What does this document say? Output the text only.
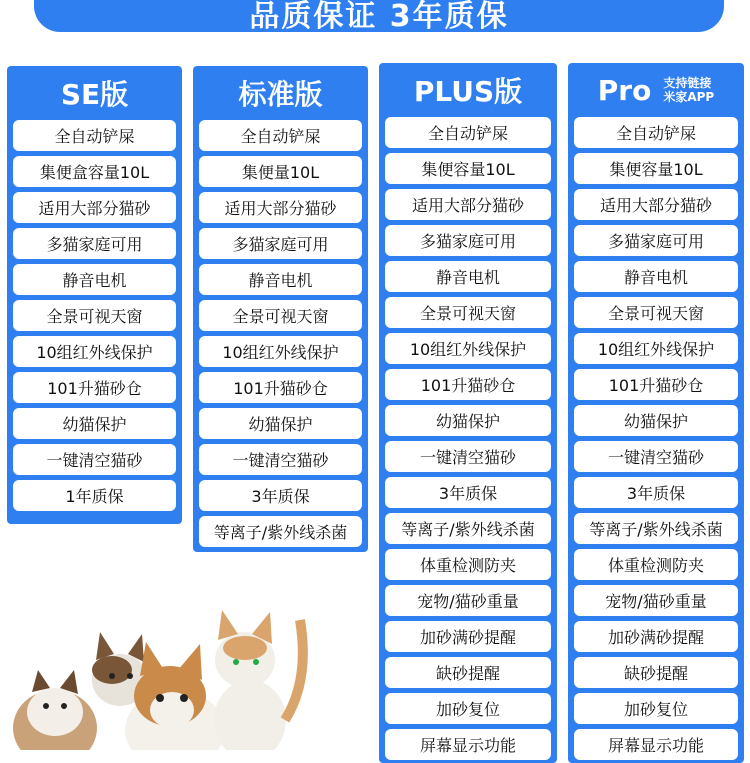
品质保证 3年质保
SE版
全自动铲屎
集便盒容量10L
适用大部分猫砂
多猫家庭可用
静音电机
全景可视天窗
10组红外线保护
101升猫砂仓
幼猫保护
一键清空猫砂
1年质保
标准版
全自动铲屎
集便量10L
适用大部分猫砂
多猫家庭可用
静音电机
全景可视天窗
10组红外线保护
101升猫砂仓
幼猫保护
一键清空猫砂
3年质保
等离子/紫外线杀菌
PLUS版
全自动铲屎
集便容量10L
适用大部分猫砂
多猫家庭可用
静音电机
全景可视天窗
10组红外线保护
101升猫砂仓
幼猫保护
一键清空猫砂
3年质保
等离子/紫外线杀菌
体重检测防夹
宠物/猫砂重量
加砂满砂提醒
缺砂提醒
加砂复位
屏幕显示功能
Pro 支持链接
米家APP
全自动铲屎
集便容量10L
适用大部分猫砂
多猫家庭可用
静音电机
全景可视天窗
10组红外线保护
101升猫砂仓
幼猫保护
一键清空猫砂
3年质保
等离子/紫外线杀菌
体重检测防夹
宠物/猫砂重量
加砂满砂提醒
缺砂提醒
加砂复位
屏幕显示功能
